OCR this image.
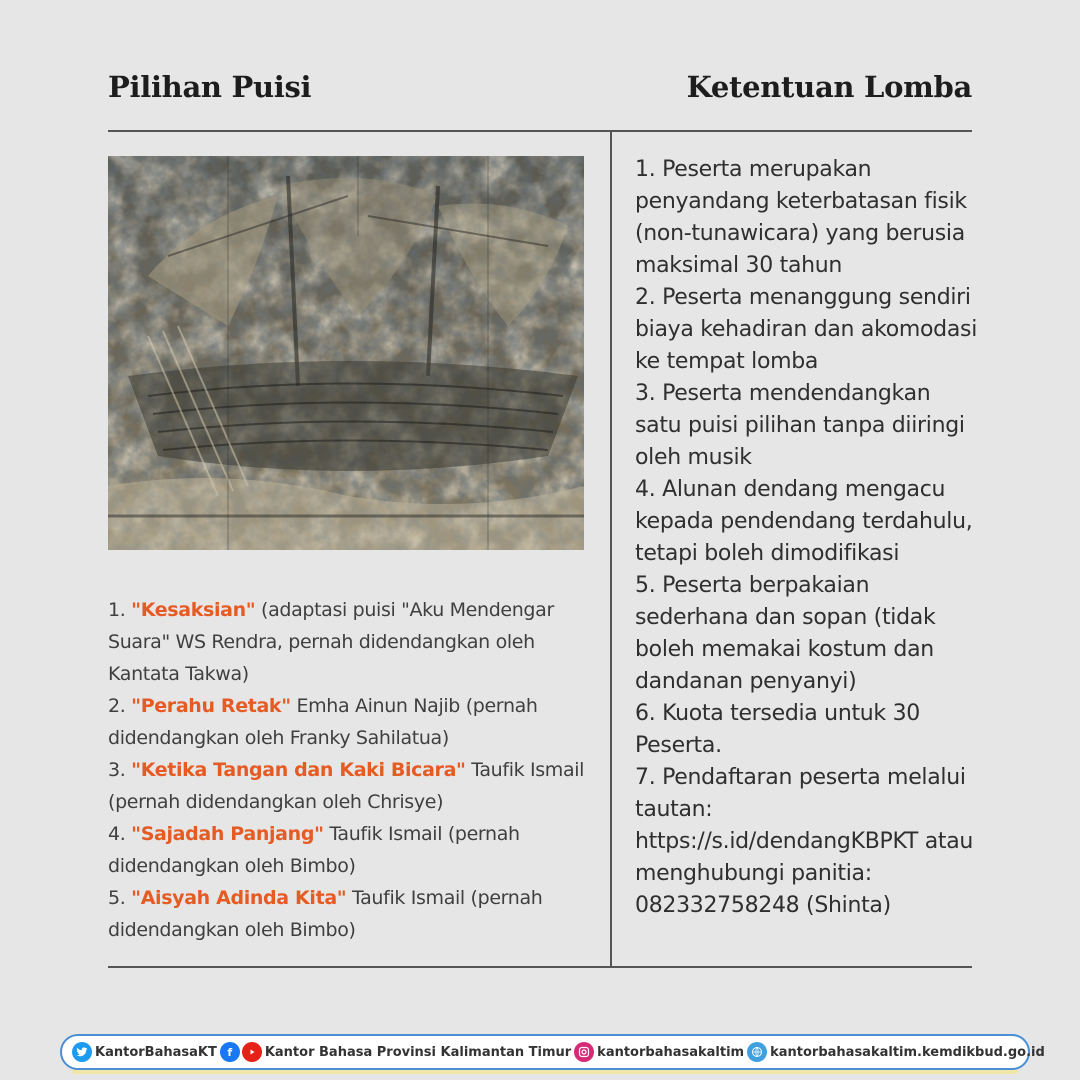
Pilihan Puisi	Ketentuan Lomba
1. "Kesaksian" (adaptasi puisi "Aku Mendengar Suara" WS Rendra, pernah didendangkan oleh Kantata Takwa)
2. "Perahu Retak" Emha Ainun Najib (pernah didendangkan oleh Franky Sahilatua)
3. "Ketika Tangan dan Kaki Bicara" Taufik Ismail (pernah didendangkan oleh Chrisye)
4. "Sajadah Panjang" Taufik Ismail (pernah didendangkan oleh Bimbo)
5. "Aisyah Adinda Kita" Taufik Ismail (pernah didendangkan oleh Bimbo)
1. Peserta merupakan penyandang keterbatasan fisik (non-tunawicara) yang berusia maksimal 30 tahun
2. Peserta menanggung sendiri biaya kehadiran dan akomodasi ke tempat lomba
3. Peserta mendendangkan satu puisi pilihan tanpa diiringi oleh musik
4. Alunan dendang mengacu kepada pendendang terdahulu, tetapi boleh dimodifikasi
5. Peserta berpakaian sederhana dan sopan (tidak boleh memakai kostum dan dandanan penyanyi)
6. Kuota tersedia untuk 30 Peserta.
7. Pendaftaran peserta melalui tautan: https://s.id/dendangKBPKT atau menghubungi panitia: 082332758248 (Shinta)
KantorBahasaKT f	Kantor Bahasa Provinsi Kalimantan Timur kantorbahasakaltim kantorbahasakaltim.kemdikbud.go.id
